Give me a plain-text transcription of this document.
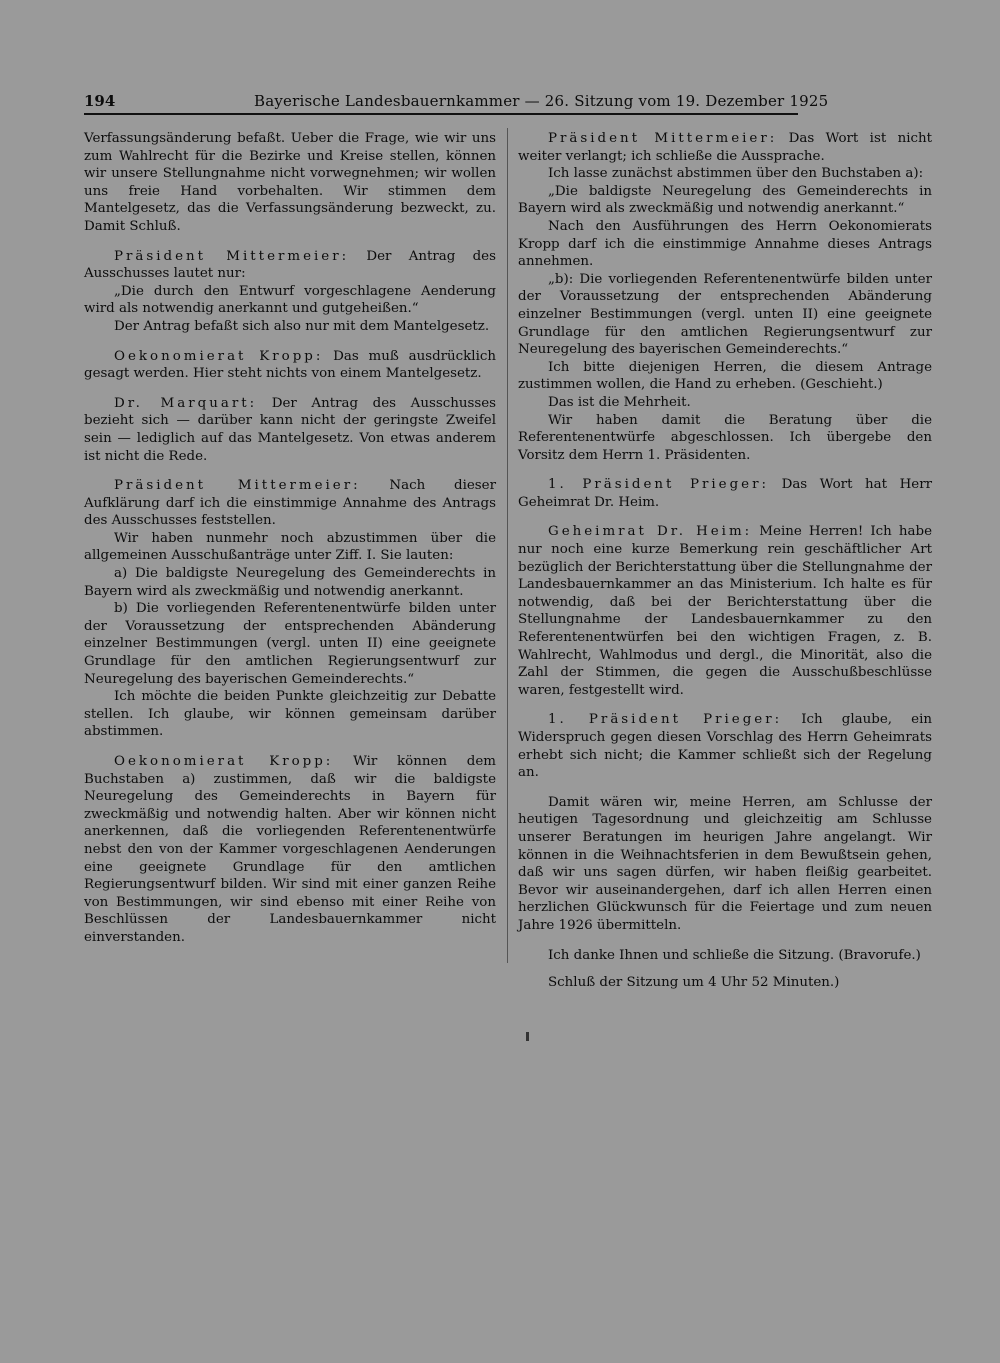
194	Bayerische Landesbauernkammer — 26. Sitzung vom 19. Dezember 1925

Verfassungsänderung befaßt. Ueber die Frage, wie wir uns zum Wahlrecht für die Bezirke und Kreise stellen, können wir unsere Stellungnahme nicht vorwegnehmen; wir wollen uns freie Hand vorbehalten. Wir stimmen dem Mantelgesetz, das die Verfassungsänderung bezweckt, zu. Damit Schluß.

Präsident Mittermeier: Der Antrag des Ausschusses lautet nur:

„Die durch den Entwurf vorgeschlagene Aenderung wird als notwendig anerkannt und gutgeheißen.“

Der Antrag befaßt sich also nur mit dem Mantelgesetz.

Oekonomierat Kropp: Das muß ausdrücklich gesagt werden. Hier steht nichts von einem Mantelgesetz.

Dr. Marquart: Der Antrag des Ausschusses bezieht sich — darüber kann nicht der geringste Zweifel sein — lediglich auf das Mantelgesetz. Von etwas anderem ist nicht die Rede.

Präsident Mittermeier: Nach dieser Aufklärung darf ich die einstimmige Annahme des Antrags des Ausschusses feststellen.

Wir haben nunmehr noch abzustimmen über die allgemeinen Ausschußanträge unter Ziff. I. Sie lauten:

a) Die baldigste Neuregelung des Gemeinderechts in Bayern wird als zweckmäßig und notwendig anerkannt.

b) Die vorliegenden Referentenentwürfe bilden unter der Voraussetzung der entsprechenden Abänderung einzelner Bestimmungen (vergl. unten II) eine geeignete Grundlage für den amtlichen Regierungsentwurf zur Neuregelung des bayerischen Gemeinderechts.“

Ich möchte die beiden Punkte gleichzeitig zur Debatte stellen. Ich glaube, wir können gemeinsam darüber abstimmen.

Oekonomierat Kropp: Wir können dem Buchstaben a) zustimmen, daß wir die baldigste Neuregelung des Gemeinderechts in Bayern für zweckmäßig und notwendig halten. Aber wir können nicht anerkennen, daß die vorliegenden Referentenentwürfe nebst den von der Kammer vorgeschlagenen Aenderungen eine geeignete Grundlage für den amtlichen Regierungsentwurf bilden. Wir sind mit einer ganzen Reihe von Bestimmungen, wir sind ebenso mit einer Reihe von Beschlüssen der Landesbauernkammer nicht einverstanden.

Präsident Mittermeier: Das Wort ist nicht weiter verlangt; ich schließe die Aussprache.

Ich lasse zunächst abstimmen über den Buchstaben a):

„Die baldigste Neuregelung des Gemeinderechts in Bayern wird als zweckmäßig und notwendig anerkannt.“

Nach den Ausführungen des Herrn Oekonomierats Kropp darf ich die einstimmige Annahme dieses Antrags annehmen.

„b): Die vorliegenden Referentenentwürfe bilden unter der Voraussetzung der entsprechenden Abänderung einzelner Bestimmungen (vergl. unten II) eine geeignete Grundlage für den amtlichen Regierungsentwurf zur Neuregelung des bayerischen Gemeinderechts.“

Ich bitte diejenigen Herren, die diesem Antrage zustimmen wollen, die Hand zu erheben. (Geschieht.)

Das ist die Mehrheit.

Wir haben damit die Beratung über die Referentenentwürfe abgeschlossen. Ich übergebe den Vorsitz dem Herrn 1. Präsidenten.

1. Präsident Prieger: Das Wort hat Herr Geheimrat Dr. Heim.

Geheimrat Dr. Heim: Meine Herren! Ich habe nur noch eine kurze Bemerkung rein geschäftlicher Art bezüglich der Berichterstattung über die Stellungnahme der Landesbauernkammer an das Ministerium. Ich halte es für notwendig, daß bei der Berichterstattung über die Stellungnahme der Landesbauernkammer zu den Referentenentwürfen bei den wichtigen Fragen, z. B. Wahlrecht, Wahlmodus und dergl., die Minorität, also die Zahl der Stimmen, die gegen die Ausschußbeschlüsse waren, festgestellt wird.

1. Präsident Prieger: Ich glaube, ein Widerspruch gegen diesen Vorschlag des Herrn Geheimrats erhebt sich nicht; die Kammer schließt sich der Regelung an.

Damit wären wir, meine Herren, am Schlusse der heutigen Tagesordnung und gleichzeitig am Schlusse unserer Beratungen im heurigen Jahre angelangt. Wir können in die Weihnachtsferien in dem Bewußtsein gehen, daß wir uns sagen dürfen, wir haben fleißig gearbeitet. Bevor wir auseinandergehen, darf ich allen Herren einen herzlichen Glückwunsch für die Feiertage und zum neuen Jahre 1926 übermitteln.

Ich danke Ihnen und schließe die Sitzung. (Bravorufe.)

Schluß der Sitzung um 4 Uhr 52 Minuten.)
